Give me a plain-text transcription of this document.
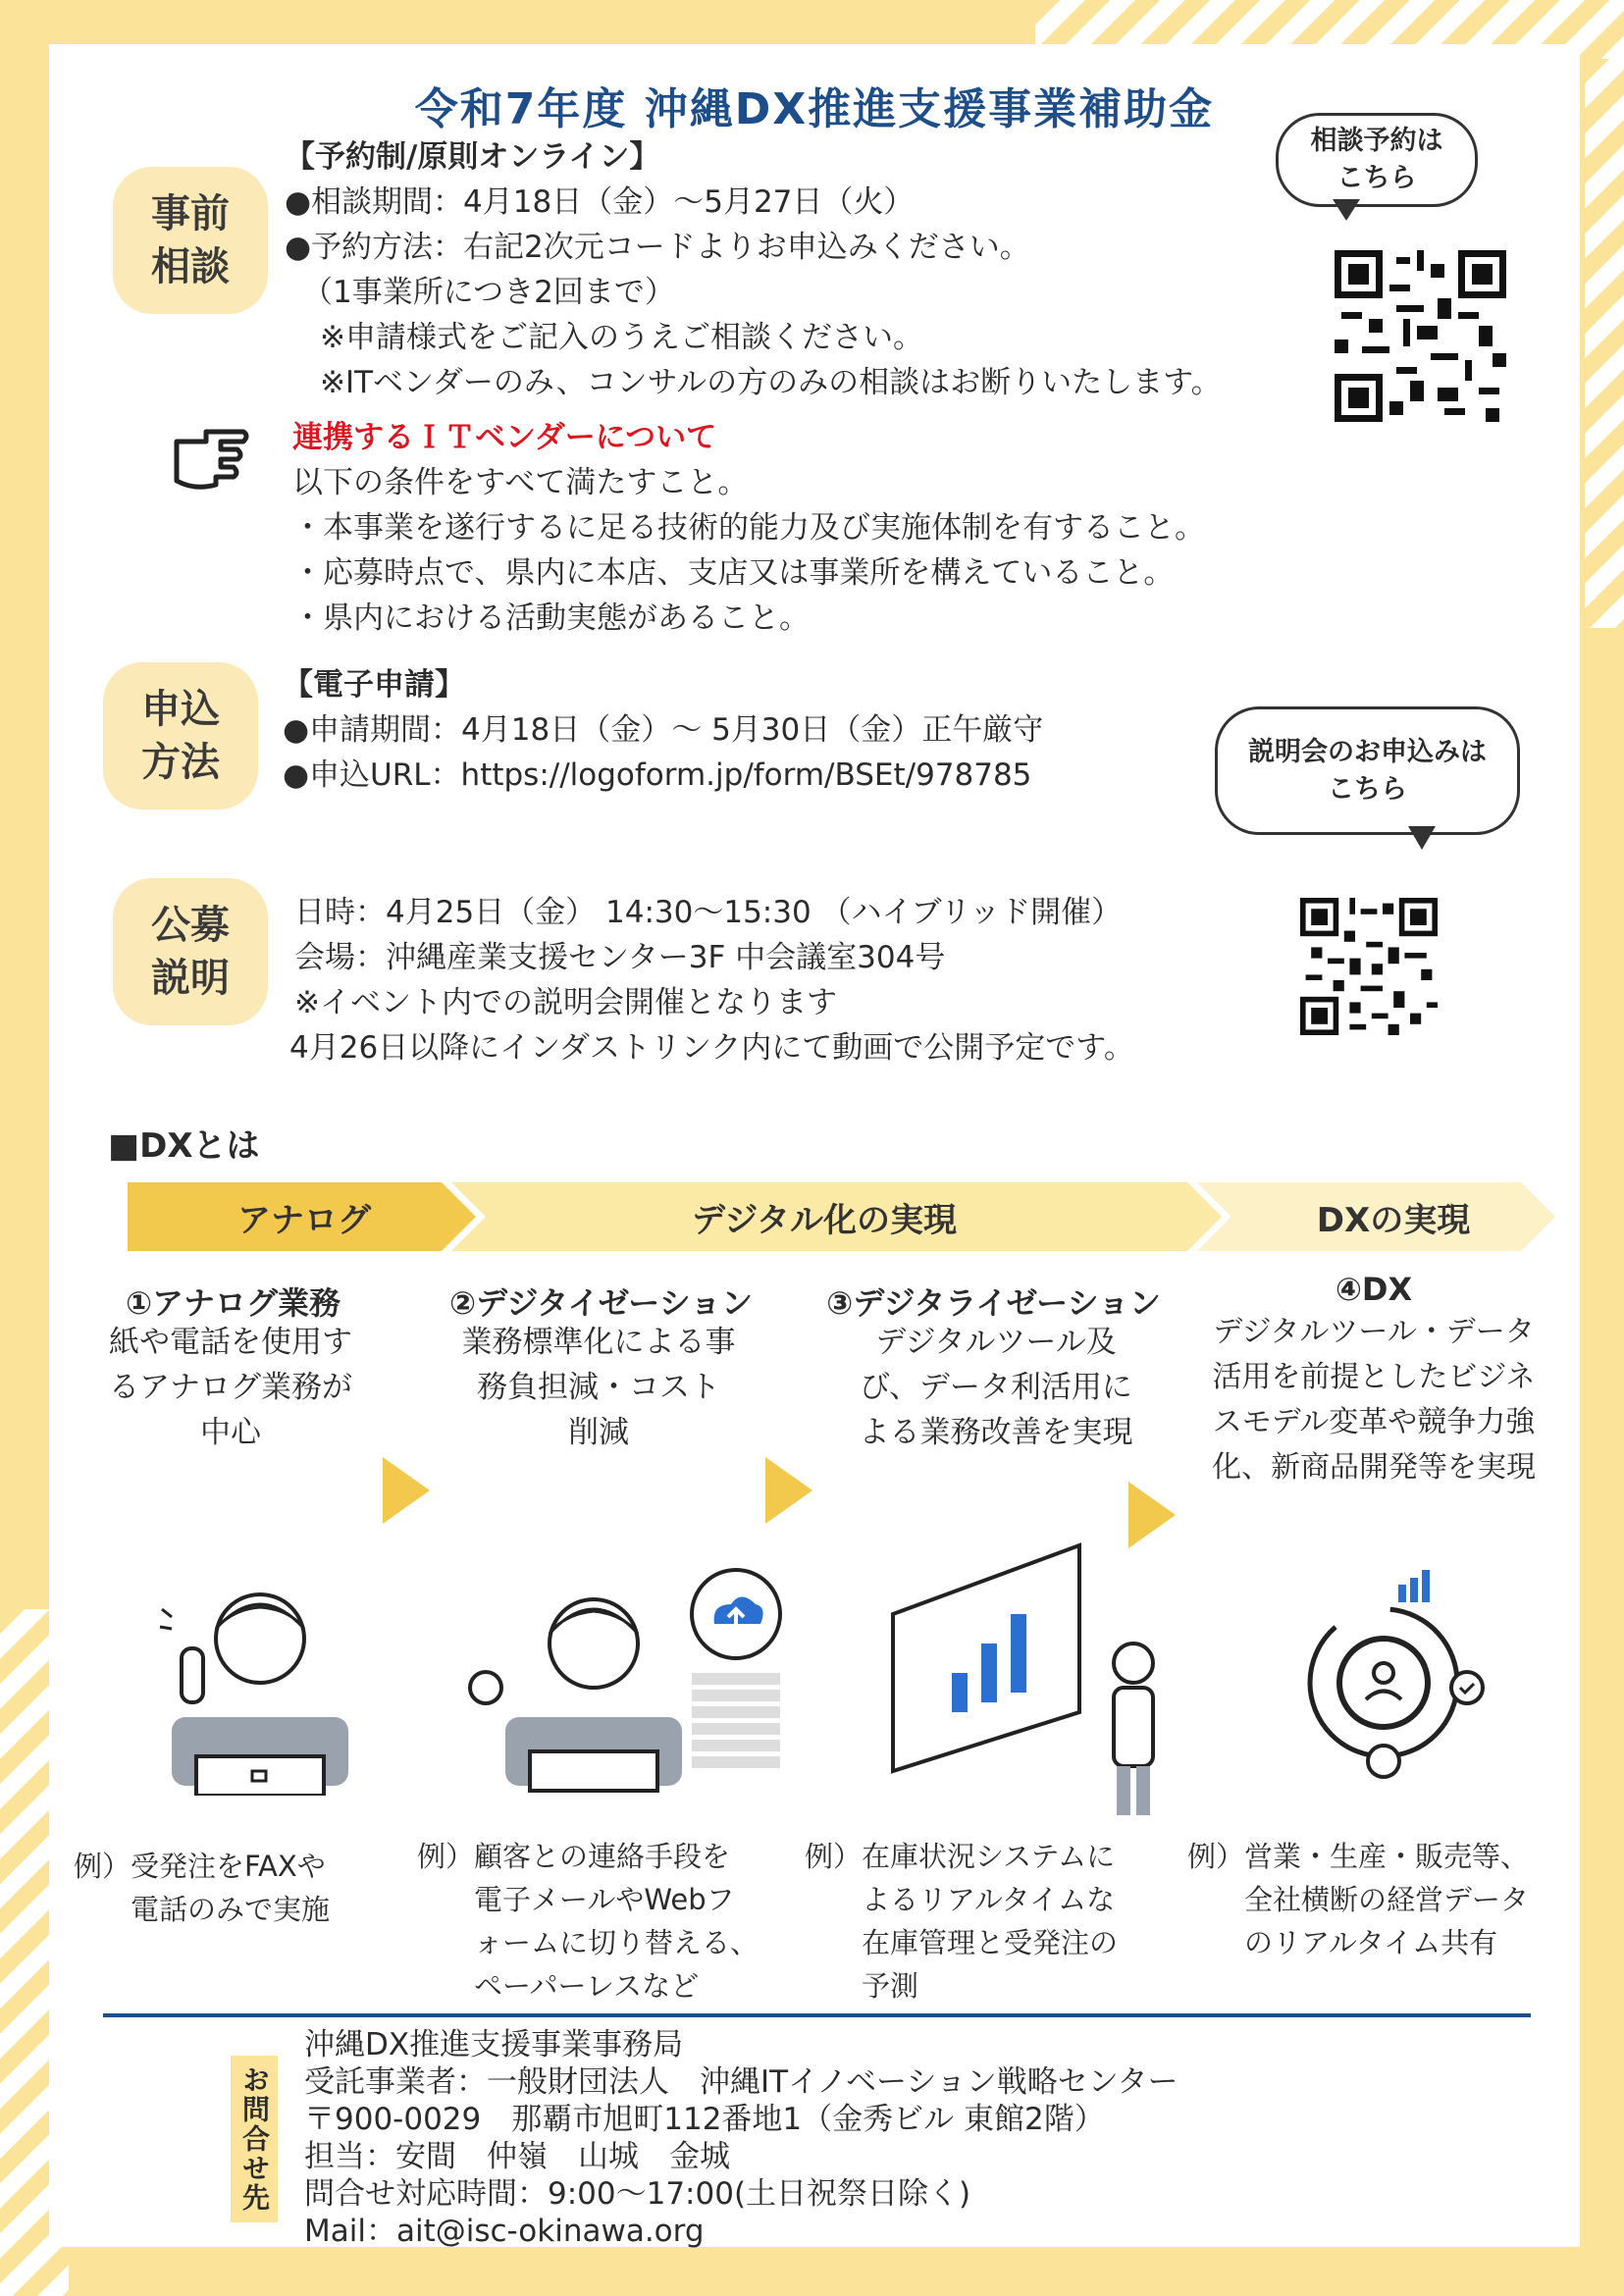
令和7年度 沖縄DX推進支援事業補助金
事前
相談
【予約制/原則オンライン】
●相談期間：4月18日（金）～5月27日（火）
●予約方法：右記2次元コードよりお申込みください。
（1事業所につき2回まで）
※申請様式をご記入のうえご相談ください。
※ITベンダーのみ、コンサルの方のみの相談はお断りいたします。
相談予約は
こちら
連携するＩＴベンダーについて
以下の条件をすべて満たすこと。
・本事業を遂行するに足る技術的能力及び実施体制を有すること。
・応募時点で、県内に本店、支店又は事業所を構えていること。
・県内における活動実態があること。
申込
方法
【電子申請】
●申請期間：4月18日（金）～ 5月30日（金）正午厳守
●申込URL：https://logoform.jp/form/BSEt/978785
説明会のお申込みは
こちら
公募
説明
日時：4月25日（金） 14:30～15:30 （ハイブリッド開催）
会場：沖縄産業支援センター3F 中会議室304号
※イベント内での説明会開催となります
4月26日以降にインダストリンク内にて動画で公開予定です。
■DXとは
アナログ	デジタル化の実現	DXの実現
①アナログ業務
紙や電話を使用す
るアナログ業務が
中心
②デジタイゼーション
業務標準化による事
務負担減・コスト
削減
③デジタライゼーション
デジタルツール及
び、データ利活用に
よる業務改善を実現
④DX
デジタルツール・データ
活用を前提としたビジネ
スモデル変革や競争力強
化、新商品開発等を実現
例）受発注をFAXや
　　電話のみで実施
例）顧客との連絡手段を
　　電子メールやWebフ
　　ォームに切り替える、
　　ペーパーレスなど
例）在庫状況システムに
　　よるリアルタイムな
　　在庫管理と受発注の
　　予測
例）営業・生産・販売等、
　　全社横断の経営データ
　　のリアルタイム共有
お問合せ先
沖縄DX推進支援事業事務局
受託事業者：一般財団法人　沖縄ITイノベーション戦略センター
〒900-0029　那覇市旭町112番地1（金秀ビル 東館2階）
担当：安間　仲嶺　山城　金城
問合せ対応時間：9:00～17:00(土日祝祭日除く)
Mail：ait@isc-okinawa.org
